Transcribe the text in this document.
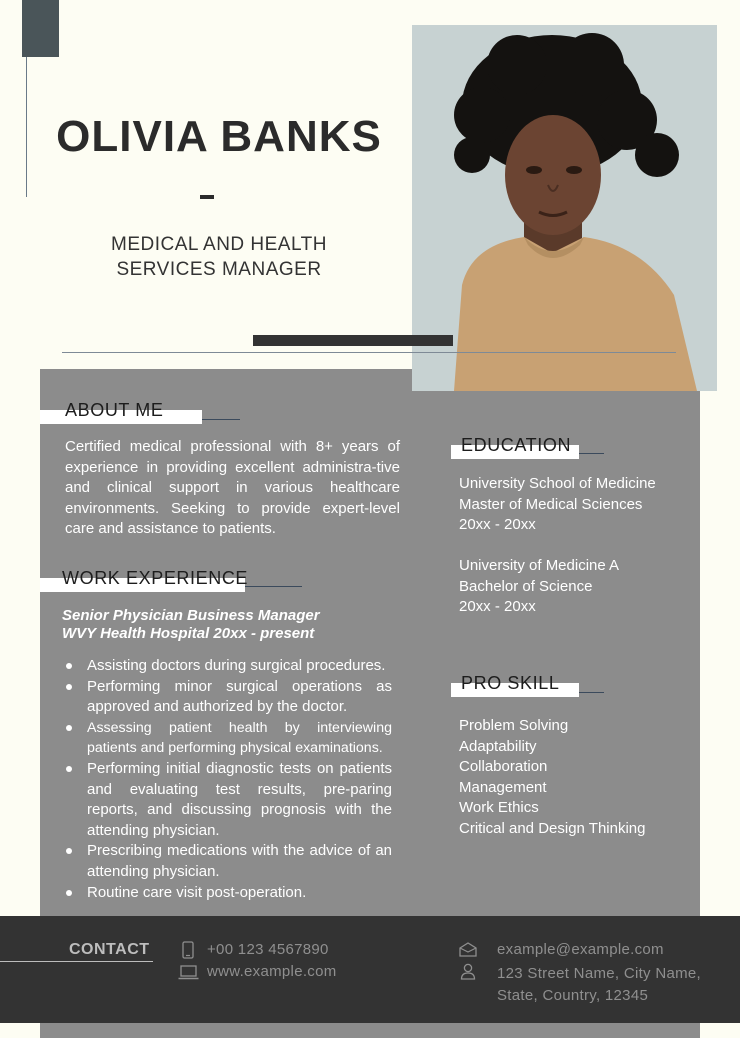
OLIVIA BANKS
MEDICAL AND HEALTH
SERVICES MANAGER
ABOUT ME
Certified medical professional with 8+ years of experience in providing excellent administra-tive and clinical support in various healthcare environments. Seeking to provide expert-level care and assistance to patients.
WORK EXPERIENCE
Senior Physician Business Manager
WVY Health Hospital 20xx - present
Assisting doctors during surgical procedures.
Performing minor surgical operations as approved and authorized by the doctor.
Assessing patient health by interviewing patients and performing physical examinations.
Performing initial diagnostic tests on patients and evaluating test results, pre-paring reports, and discussing prognosis with the attending physician.
Prescribing medications with the advice of an attending physician.
Routine care visit post-operation.
EDUCATION
University School of Medicine
Master of Medical Sciences
20xx - 20xx
University of Medicine A
Bachelor of Science
20xx - 20xx
PRO SKILL
Problem Solving
Adaptability
Collaboration
Management
Work Ethics
Critical and Design Thinking
CONTACT	+00 123 4567890
www.example.com
example@example.com
123 Street Name, City Name,
State, Country, 12345
